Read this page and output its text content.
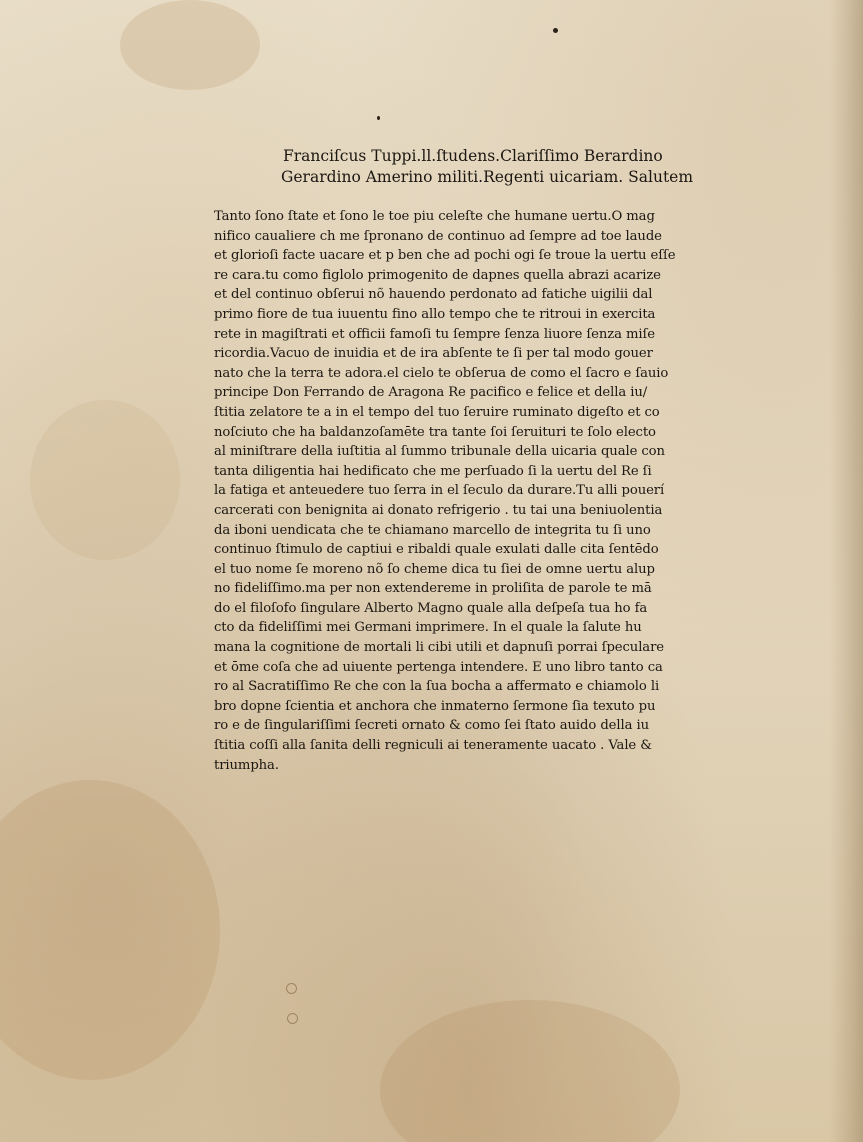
Franciſcus Tuppi.ll.ſtudens.Clariſſimo Berardino
Gerardino Amerino militi.Regenti uicariam. Salutem
Tanto ſono ſtate et ſono le toe piu celeſte che humane uertu.O mag
nifico caualiere ch me ſpronano de continuo ad ſempre ad toe laude
et glorioſi facte uacare et p ben che ad pochi ogi ſe troue la uertu eſſe
re cara.tu como figlolo primogenito de dapnes quella abrazi acarize
et del continuo obſerui nõ hauendo perdonato ad fatiche uigilii dal
primo fiore de tua iuuentu fino allo tempo che te ritroui in exercita
rete in magiſtrati et officii famoſi tu ſempre ſenza liuore ſenza miſe
ricordia.Vacuo de inuidia et de ira abſente te ſi per tal modo gouer
nato che la terra te adora.el cielo te obſerua de como el ſacro e ſauio
principe Don Ferrando de Aragona Re pacifico e felice et della iu/
ſtitia zelatore te a in el tempo del tuo ſeruire ruminato digeſto et co
noſciuto che ha baldanzoſamēte tra tante ſoi ſeruituri te ſolo electo
al miniſtrare della iuſtitia al ſummo tribunale della uicaria quale con
tanta diligentia hai hedificato che me perſuado ſi la uertu del Re ſi
la fatiga et anteuedere tuo ſerra in el ſeculo da durare.Tu alli pouerí
carcerati con benignita ai donato refrigerio . tu tai una beniuolentia
da iboni uendicata che te chiamano marcello de integrita tu ſi uno
continuo ſtimulo de captiui e ribaldi quale exulati dalle cita ſentēdo
el tuo nome ſe moreno nõ ſo cheme dica tu ſiei de omne uertu alup
no fideliſſimo.ma per non extendereme in proliſita de parole te mā
do el filoſofo ſingulare Alberto Magno quale alla deſpeſa tua ho fa
cto da fideliſſimi mei Germani imprimere. In el quale la ſalute hu
mana la cognitione de mortali li cibi utili et dapnuſi porrai ſpeculare
et ōme coſa che ad uiuente pertenga intendere. E uno libro tanto ca
ro al Sacratiſſimo Re che con la ſua bocha a affermato e chiamolo li
bro dopne ſcientia et anchora che inmaterno ſermone ſia texuto pu
ro e de ſingulariſſimi ſecreti ornato & como ſei ſtato auido della iu
ſtitia coſſi alla ſanita delli regniculi ai teneramente uacato . Vale &
triumpha.
